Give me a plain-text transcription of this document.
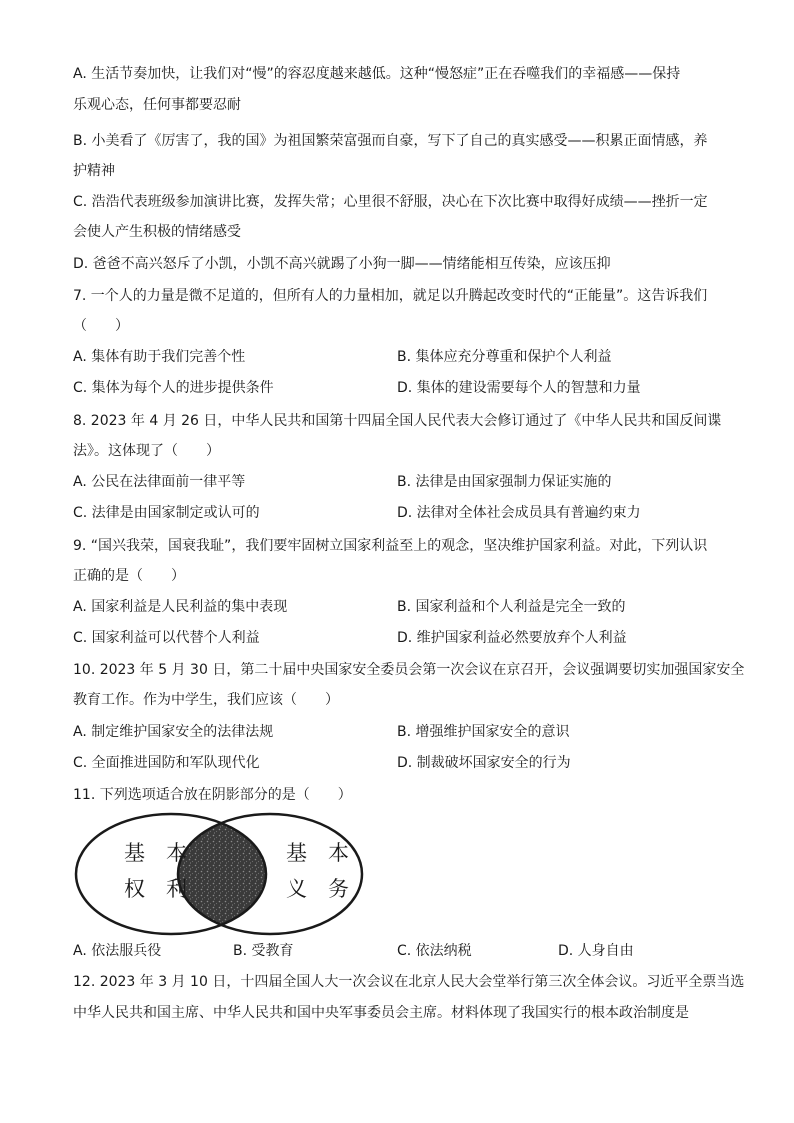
A. 生活节奏加快，让我们对“慢”的容忍度越来越低。这种“慢怒症”正在吞噬我们的幸福感——保持
乐观心态，任何事都要忍耐
B. 小美看了《厉害了，我的国》为祖国繁荣富强而自豪，写下了自己的真实感受——积累正面情感，养
护精神
C. 浩浩代表班级参加演讲比赛，发挥失常；心里很不舒服，决心在下次比赛中取得好成绩——挫折一定
会使人产生积极的情绪感受
D. 爸爸不高兴怒斥了小凯，小凯不高兴就踢了小狗一脚——情绪能相互传染，应该压抑
7. 一个人的力量是微不足道的，但所有人的力量相加，就足以升腾起改变时代的“正能量”。这告诉我们
（　　）
A. 集体有助于我们完善个性	B. 集体应充分尊重和保护个人利益
C. 集体为每个人的进步提供条件	D. 集体的建设需要每个人的智慧和力量
8. 2023 年 4 月 26 日，中华人民共和国第十四届全国人民代表大会修订通过了《中华人民共和国反间谍
法》。这体现了（　　）
A. 公民在法律面前一律平等	B. 法律是由国家强制力保证实施的
C. 法律是由国家制定或认可的	D. 法律对全体社会成员具有普遍约束力
9. “国兴我荣，国衰我耻”，我们要牢固树立国家利益至上的观念，坚决维护国家利益。对此，下列认识
正确的是（　　）
A. 国家利益是人民利益的集中表现	B. 国家利益和个人利益是完全一致的
C. 国家利益可以代替个人利益	D. 维护国家利益必然要放弃个人利益
10. 2023 年 5 月 30 日，第二十届中央国家安全委员会第一次会议在京召开，会议强调要切实加强国家安全
教育工作。作为中学生，我们应该（　　）
A. 制定维护国家安全的法律法规	B. 增强维护国家安全的意识
C. 全面推进国防和军队现代化	D. 制裁破坏国家安全的行为
11. 下列选项适合放在阴影部分的是（　　）
基　本
权　利
基　本
义　务
A. 依法服兵役	B. 受教育	C. 依法纳税	D. 人身自由
12. 2023 年 3 月 10 日，十四届全国人大一次会议在北京人民大会堂举行第三次全体会议。习近平全票当选
中华人民共和国主席、中华人民共和国中央军事委员会主席。材料体现了我国实行的根本政治制度是
